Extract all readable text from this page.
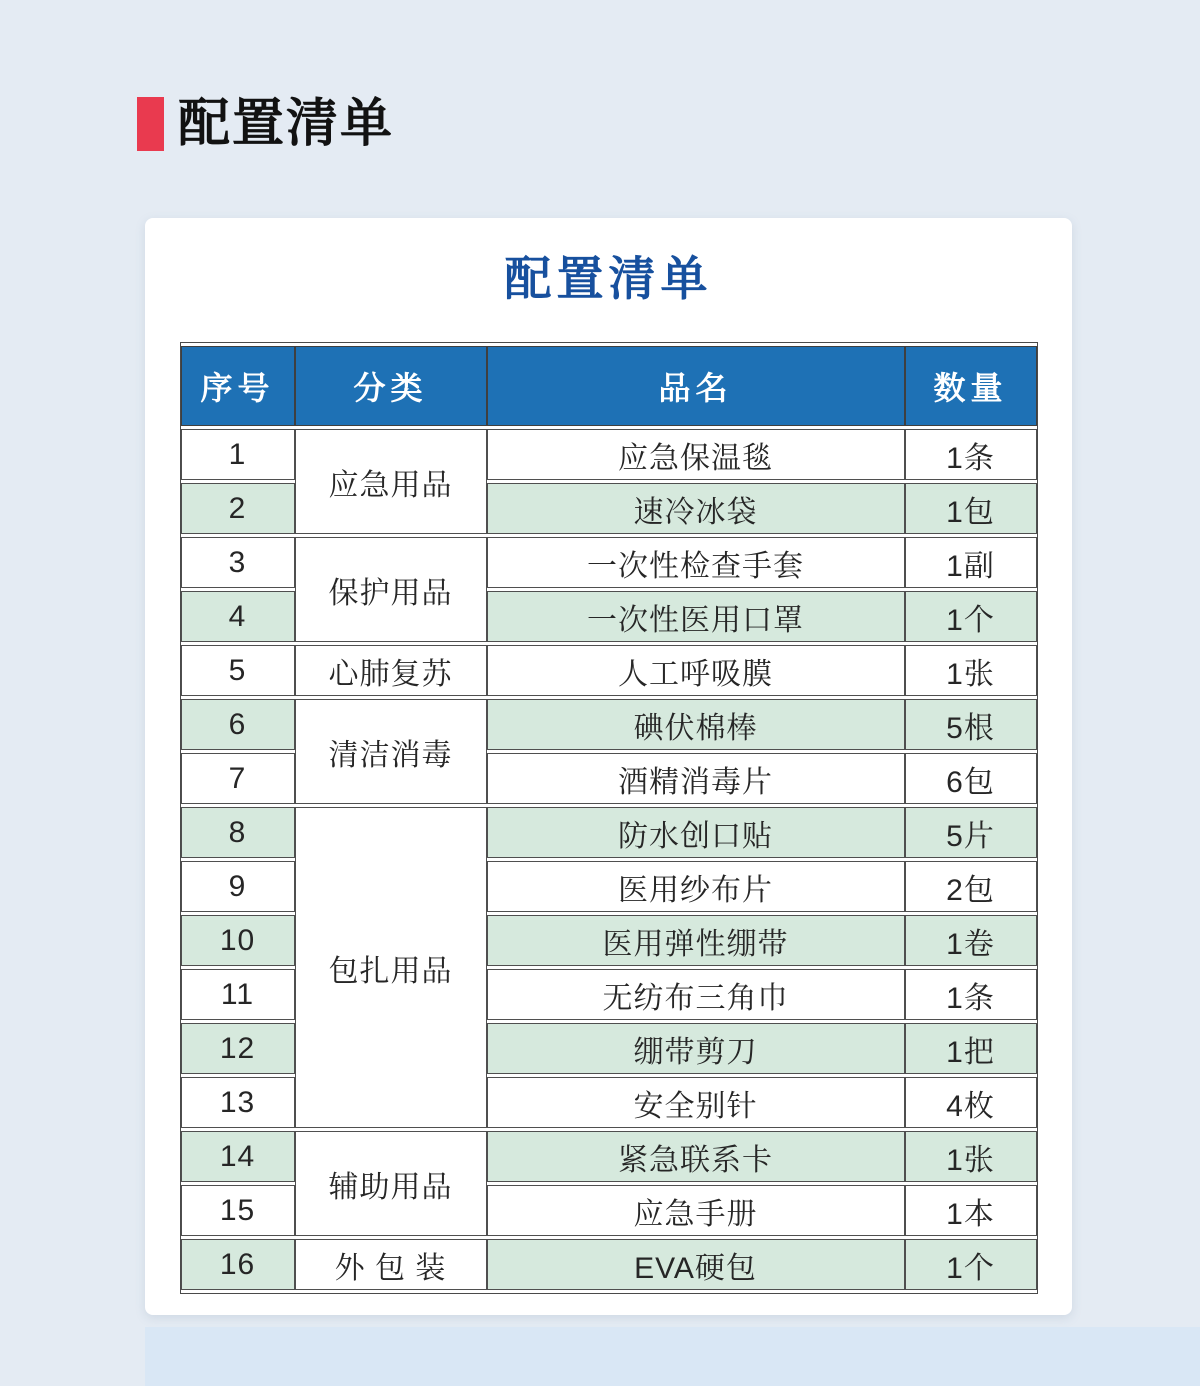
配置清单
配置清单
序号	分类	品名	数量
1	应急用品	应急保温毯	1条
2		速冷冰袋	1包
3	保护用品	一次性检查手套	1副
4		一次性医用口罩	1个
5	心肺复苏	人工呼吸膜	1张
6	清洁消毒	碘伏棉棒	5根
7		酒精消毒片	6包
8	包扎用品	防水创口贴	5片
9		医用纱布片	2包
10		医用弹性绷带	1卷
11		无纺布三角巾	1条
12		绷带剪刀	1把
13		安全别针	4枚
14	辅助用品	紧急联系卡	1张
15		应急手册	1本
16	外 包 装	EVA硬包	1个
